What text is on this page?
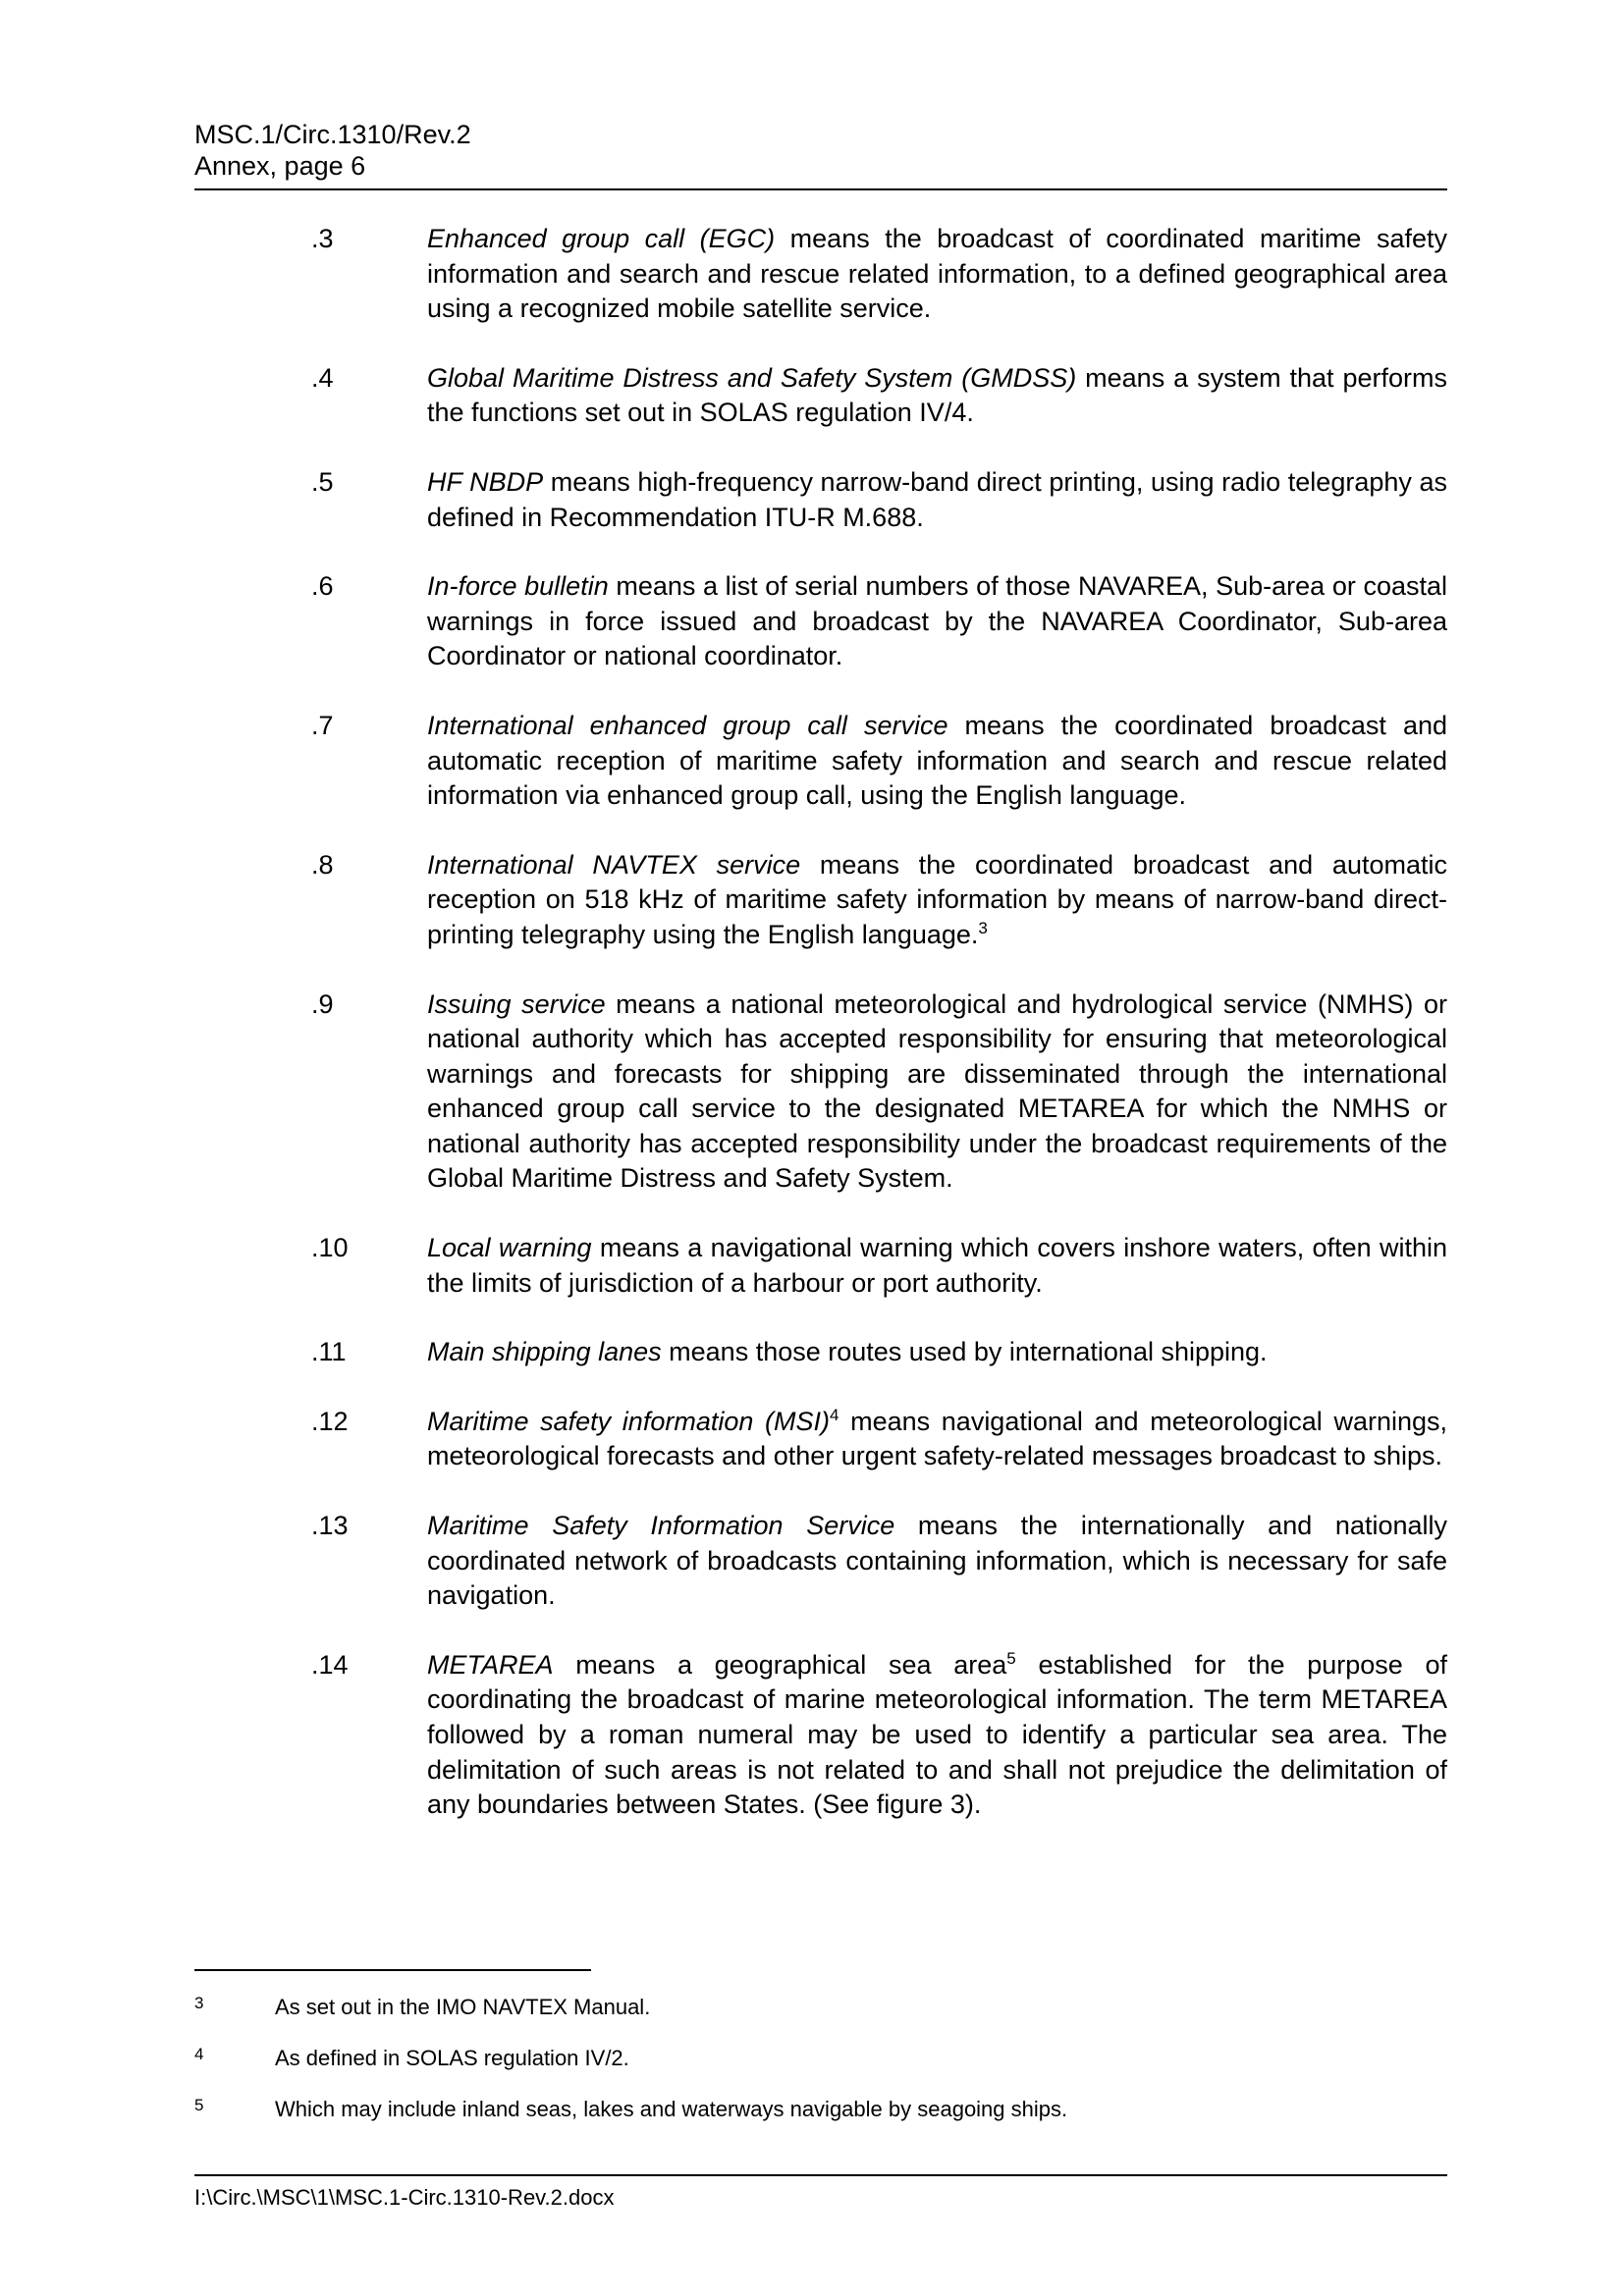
MSC.1/Circ.1310/Rev.2
Annex, page 6
.3	Enhanced group call (EGC) means the broadcast of coordinated maritime safety information and search and rescue related information, to a defined geographical area using a recognized mobile satellite service.
.4	Global Maritime Distress and Safety System (GMDSS) means a system that performs the functions set out in SOLAS regulation IV/4.
.5	HF NBDP means high-frequency narrow-band direct printing, using radio telegraphy as defined in Recommendation ITU-R M.688.
.6	In-force bulletin means a list of serial numbers of those NAVAREA, Sub-area or coastal warnings in force issued and broadcast by the NAVAREA Coordinator, Sub-area Coordinator or national coordinator.
.7	International enhanced group call service means the coordinated broadcast and automatic reception of maritime safety information and search and rescue related information via enhanced group call, using the English language.
.8	International NAVTEX service means the coordinated broadcast and automatic reception on 518 kHz of maritime safety information by means of narrow-band direct-printing telegraphy using the English language.$^3$
.9	Issuing service means a national meteorological and hydrological service (NMHS) or national authority which has accepted responsibility for ensuring that meteorological warnings and forecasts for shipping are disseminated through the international enhanced group call service to the designated METAREA for which the NMHS or national authority has accepted responsibility under the broadcast requirements of the Global Maritime Distress and Safety System.
.10	Local warning means a navigational warning which covers inshore waters, often within the limits of jurisdiction of a harbour or port authority.
.11	Main shipping lanes means those routes used by international shipping.
.12	Maritime safety information (MSI)$^4$ means navigational and meteorological warnings, meteorological forecasts and other urgent safety-related messages broadcast to ships.
.13	Maritime Safety Information Service means the internationally and nationally coordinated network of broadcasts containing information, which is necessary for safe navigation.
.14	METAREA means a geographical sea area$^5$ established for the purpose of coordinating the broadcast of marine meteorological information. The term METAREA followed by a roman numeral may be used to identify a particular sea area. The delimitation of such areas is not related to and shall not prejudice the delimitation of any boundaries between States. (See figure 3).
3	As set out in the IMO NAVTEX Manual.
4	As defined in SOLAS regulation IV/2.
5	Which may include inland seas, lakes and waterways navigable by seagoing ships.
I:\Circ.\MSC\1\MSC.1-Circ.1310-Rev.2.docx
